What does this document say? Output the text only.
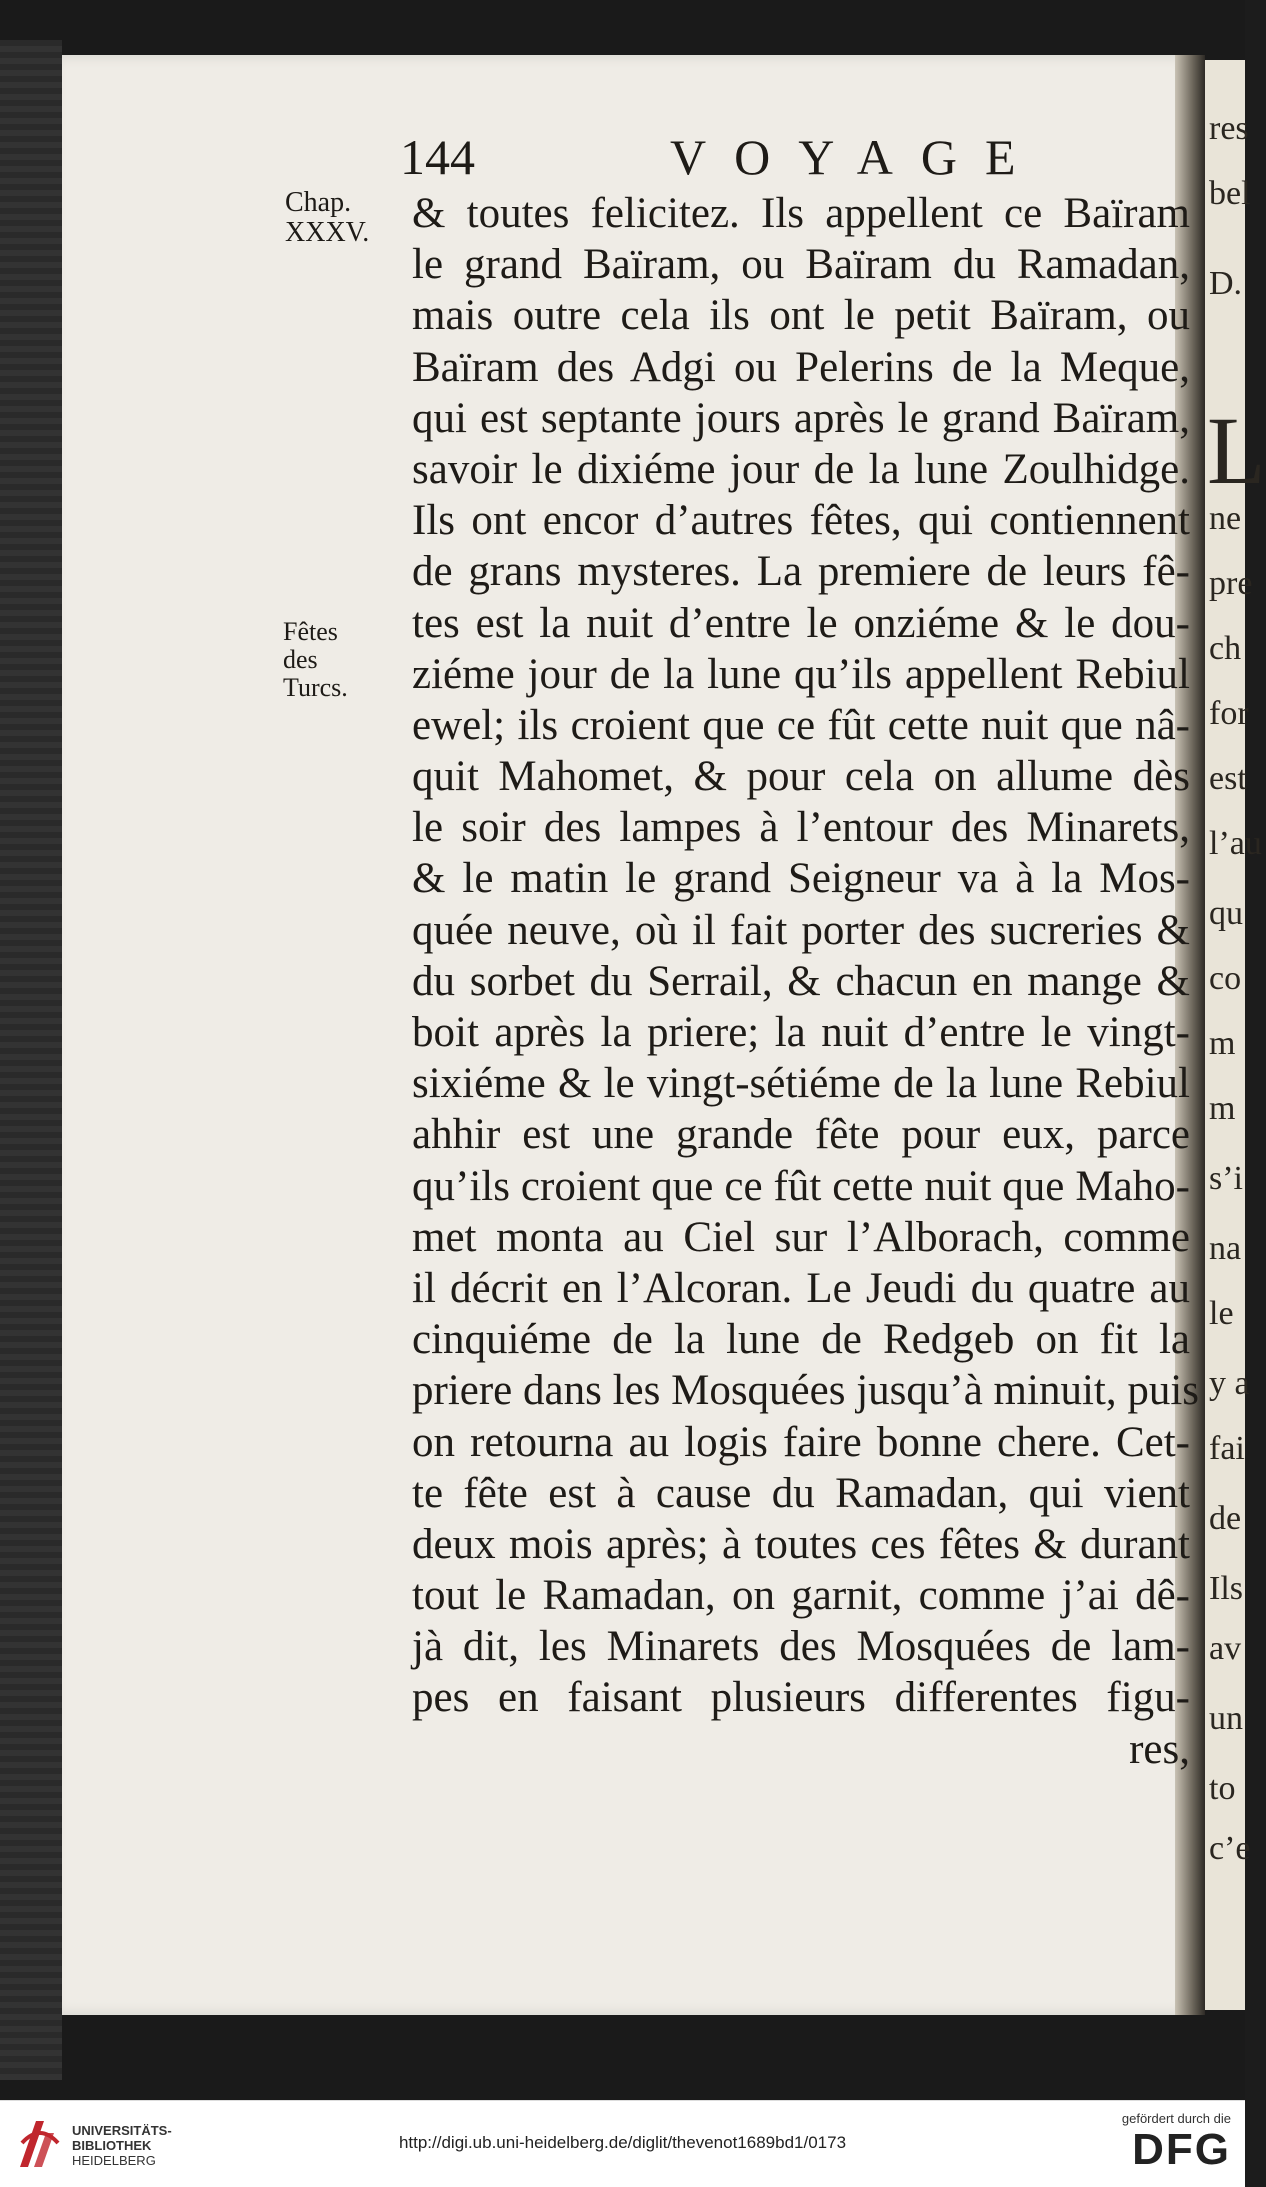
res
bel
D.
L
ne
pre
ch
for
est
l’au
qu
co
m
m
s’i
na
le
y a
fai
de
Ils
av
un
to
c’e
144	VOYAGE
Chap.
XXXV.
Fêtes
des
Turcs.
& toutes felicitez. Ils appellent ce Baïram
le grand Baïram, ou Baïram du Ramadan,
mais outre cela ils ont le petit Baïram, ou
Baïram des Adgi ou Pelerins de la Meque,
qui est septante jours après le grand Baïram,
savoir le dixiéme jour de la lune Zoulhidge.
Ils ont encor d’autres fêtes, qui contiennent
de grans mysteres. La premiere de leurs fê-
tes est la nuit d’entre le onziéme & le dou-
ziéme jour de la lune qu’ils appellent Rebiul
ewel; ils croient que ce fût cette nuit que nâ-
quit Mahomet, & pour cela on allume dès
le soir des lampes à l’entour des Minarets,
& le matin le grand Seigneur va à la Mos-
quée neuve, où il fait porter des sucreries &
du sorbet du Serrail, & chacun en mange &
boit après la priere; la nuit d’entre le vingt-
sixiéme & le vingt-sétiéme de la lune Rebiul
ahhir est une grande fête pour eux, parce
qu’ils croient que ce fût cette nuit que Maho-
met monta au Ciel sur l’Alborach, comme
il décrit en l’Alcoran. Le Jeudi du quatre au
cinquiéme de la lune de Redgeb on fit la
priere dans les Mosquées jusqu’à minuit, puis
on retourna au logis faire bonne chere. Cet-
te fête est à cause du Ramadan, qui vient
deux mois après; à toutes ces fêtes & durant
tout le Ramadan, on garnit, comme j’ai dê-
jà dit, les Minarets des Mosquées de lam-
pes en faisant plusieurs differentes figu-
res,
UNIVERSITÄTS-
BIBLIOTHEK
HEIDELBERG
http://digi.ub.uni-heidelberg.de/diglit/thevenot1689bd1/0173
gefördert durch die
DFG
